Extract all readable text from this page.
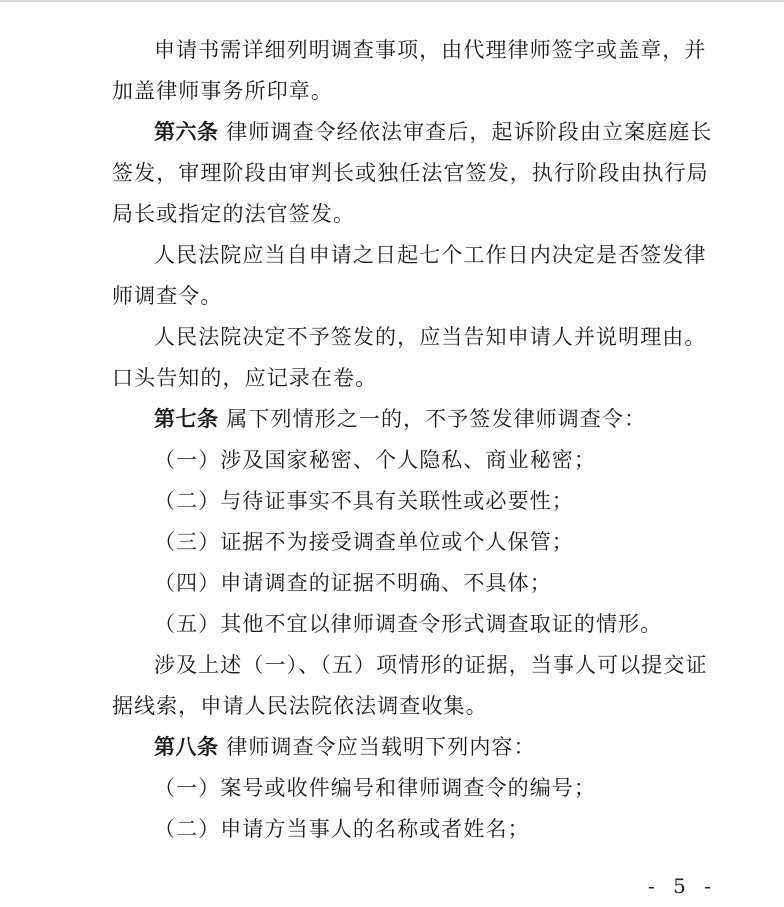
申请书需详细列明调查事项，由代理律师签字或盖章，并

加盖律师事务所印章。

第六条 律师调查令经依法审查后，起诉阶段由立案庭庭长

签发，审理阶段由审判长或独任法官签发，执行阶段由执行局

局长或指定的法官签发。

人民法院应当自申请之日起七个工作日内决定是否签发律

师调查令。

人民法院决定不予签发的，应当告知申请人并说明理由。

口头告知的，应记录在卷。

第七条 属下列情形之一的，不予签发律师调查令：

（一）涉及国家秘密、个人隐私、商业秘密；

（二）与待证事实不具有关联性或必要性；

（三）证据不为接受调查单位或个人保管；

（四）申请调查的证据不明确、不具体；

（五）其他不宜以律师调查令形式调查取证的情形。

涉及上述（一）、（五）项情形的证据，当事人可以提交证

据线索，申请人民法院依法调查收集。

第八条 律师调查令应当载明下列内容：

（一）案号或收件编号和律师调查令的编号；

（二）申请方当事人的名称或者姓名；

- 5 -
